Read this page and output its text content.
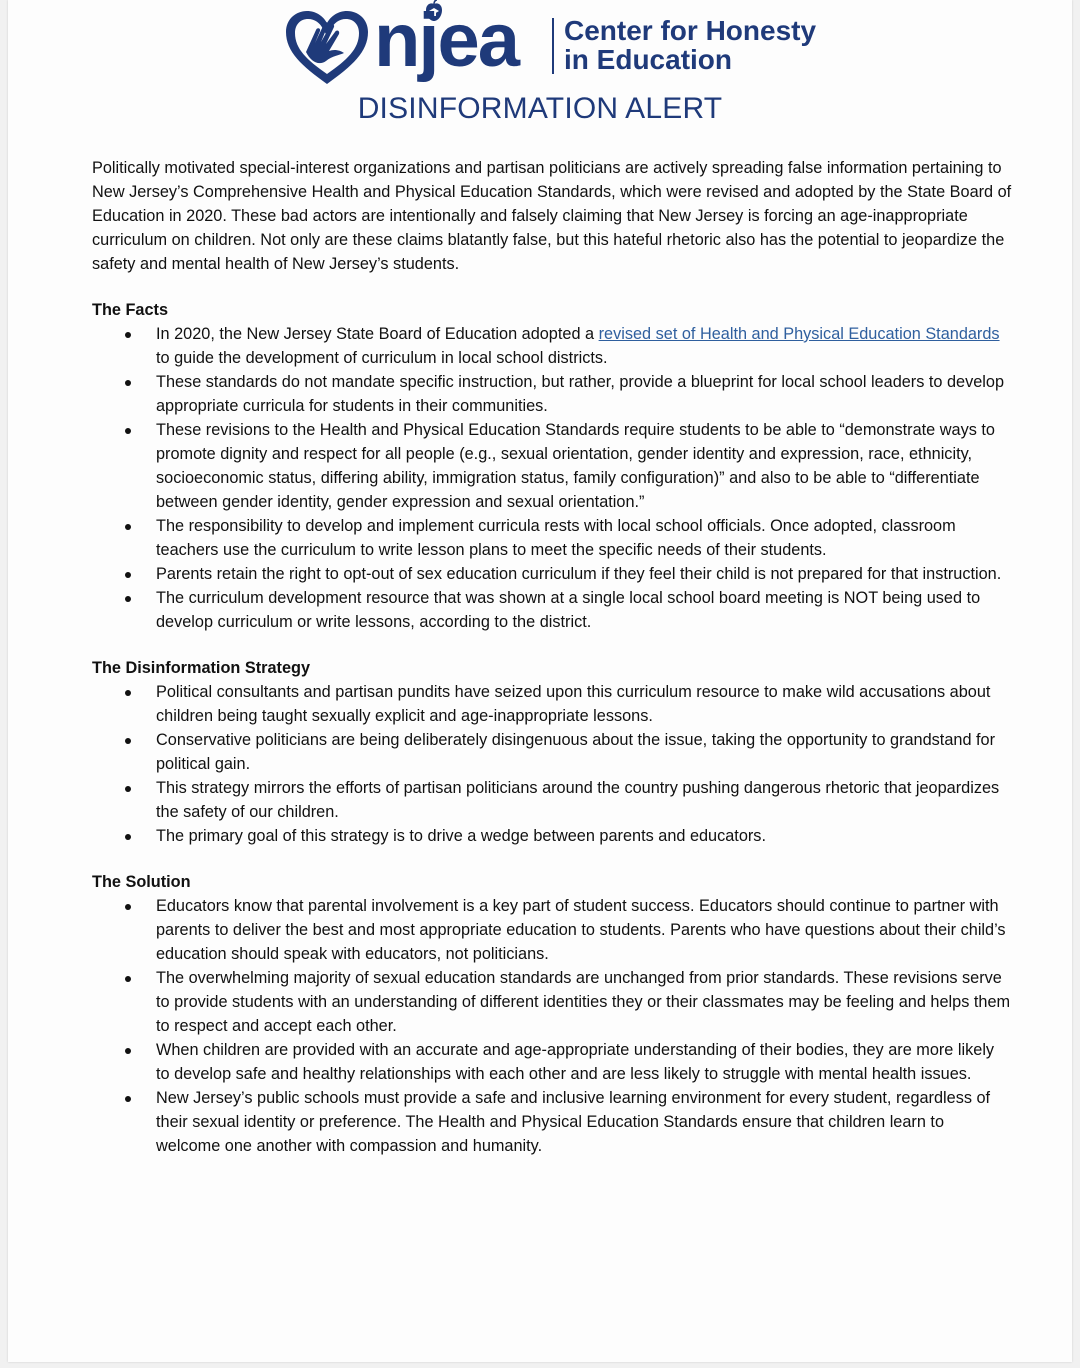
njea Center for Honesty
in Education
DISINFORMATION ALERT

Politically motivated special-interest organizations and partisan politicians are actively spreading false information pertaining to New Jersey’s Comprehensive Health and Physical Education Standards, which were revised and adopted by the State Board of Education in 2020. These bad actors are intentionally and falsely claiming that New Jersey is forcing an age-inappropriate curriculum on children. Not only are these claims blatantly false, but this hateful rhetoric also has the potential to jeopardize the safety and mental health of New Jersey’s students.

The Facts
In 2020, the New Jersey State Board of Education adopted a revised set of Health and Physical Education Standards to guide the development of curriculum in local school districts.
These standards do not mandate specific instruction, but rather, provide a blueprint for local school leaders to develop appropriate curricula for students in their communities.
These revisions to the Health and Physical Education Standards require students to be able to “demonstrate ways to promote dignity and respect for all people (e.g., sexual orientation, gender identity and expression, race, ethnicity, socioeconomic status, differing ability, immigration status, family configuration)” and also to be able to “differentiate between gender identity, gender expression and sexual orientation.”
The responsibility to develop and implement curricula rests with local school officials. Once adopted, classroom teachers use the curriculum to write lesson plans to meet the specific needs of their students.
Parents retain the right to opt-out of sex education curriculum if they feel their child is not prepared for that instruction.
The curriculum development resource that was shown at a single local school board meeting is NOT being used to develop curriculum or write lessons, according to the district.
The Disinformation Strategy
Political consultants and partisan pundits have seized upon this curriculum resource to make wild accusations about children being taught sexually explicit and age-inappropriate lessons.
Conservative politicians are being deliberately disingenuous about the issue, taking the opportunity to grandstand for political gain.
This strategy mirrors the efforts of partisan politicians around the country pushing dangerous rhetoric that jeopardizes the safety of our children.
The primary goal of this strategy is to drive a wedge between parents and educators.
The Solution
Educators know that parental involvement is a key part of student success. Educators should continue to partner with parents to deliver the best and most appropriate education to students. Parents who have questions about their child’s education should speak with educators, not politicians.
The overwhelming majority of sexual education standards are unchanged from prior standards. These revisions serve to provide students with an understanding of different identities they or their classmates may be feeling and helps them to respect and accept each other.
When children are provided with an accurate and age-appropriate understanding of their bodies, they are more likely to develop safe and healthy relationships with each other and are less likely to struggle with mental health issues.
New Jersey’s public schools must provide a safe and inclusive learning environment for every student, regardless of their sexual identity or preference. The Health and Physical Education Standards ensure that children learn to welcome one another with compassion and humanity.
